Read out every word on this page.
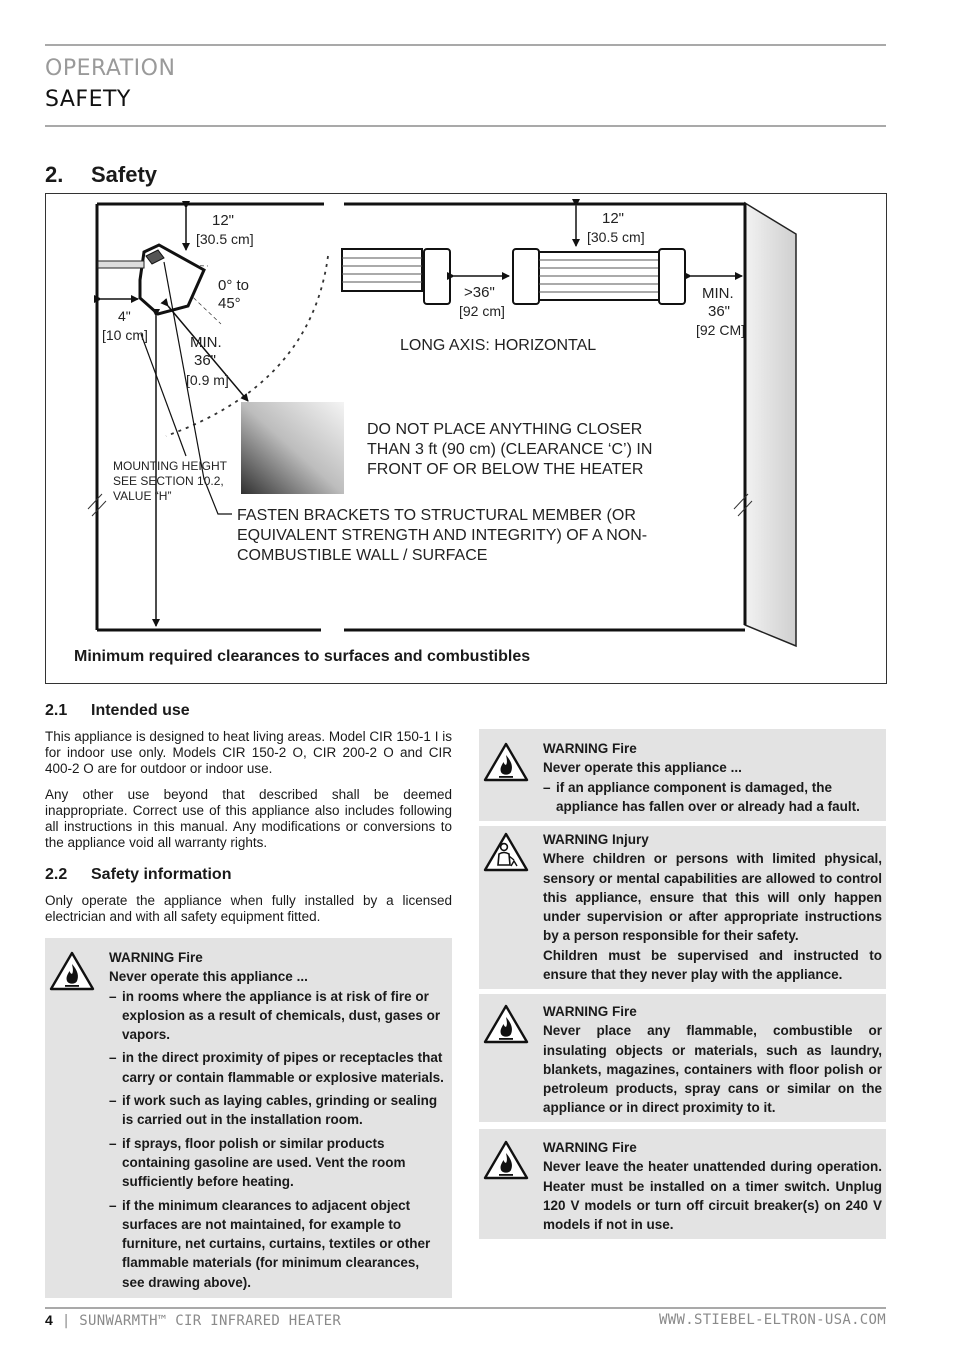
OPERATION
SAFETY
2. Safety
12"
[30.5 cm]
0° to
45°
4"
[10 cm]	MIN.
36"
[0.9 m]
12"
[30.5 cm]
>36"
[92 cm]
MIN.
36"
[92 CM]
LONG AXIS: HORIZONTAL
DO NOT PLACE ANYTHING CLOSER
THAN 3 ft (90 cm) (CLEARANCE ‘C’) IN
FRONT OF OR BELOW THE HEATER
MOUNTING HEIGHT
SEE SECTION 10.2,
VALUE “H”
FASTEN BRACKETS TO STRUCTURAL MEMBER (OR
EQUIVALENT STRENGTH AND INTEGRITY) OF A NON-
COMBUSTIBLE WALL / SURFACE
Minimum required clearances to surfaces and combustibles
2.1 Intended use
This appliance is designed to heat living areas. Model CIR 150-1 I is for indoor use only. Models CIR 150-2 O, CIR 200-2 O and CIR 400-2 O are for outdoor or indoor use.
Any other use beyond that described shall be deemed inappropriate. Correct use of this appliance also includes following all instructions in this manual. Any modifications or conversions to the appliance void all warranty rights.
2.2 Safety information
Only operate the appliance when fully installed by a licensed electrician and with all safety equipment fitted.
WARNING Fire
Never operate this appliance ...
– in rooms where the appliance is at risk of fire or explosion as a result of chemicals, dust, gases or vapors.
– in the direct proximity of pipes or receptacles that carry or contain flammable or explosive materials.
– if work such as laying cables, grinding or sealing is carried out in the installation room.
– if sprays, floor polish or similar products containing gasoline are used. Vent the room sufficiently before heating.
– if the minimum clearances to adjacent object surfaces are not maintained, for example to furniture, net curtains, curtains, textiles or other flammable materials (for minimum clearances, see drawing above).
WARNING Fire
Never operate this appliance ...
– if an appliance component is damaged, the appliance has fallen over or already had a fault.
WARNING Injury
Where children or persons with limited physical, sensory or mental capabilities are allowed to control this appliance, ensure that this will only happen under supervision or after appropriate instructions by a person responsible for their safety.
Children must be supervised and instructed to ensure that they never play with the appliance.
WARNING Fire
Never place any flammable, combustible or insulating objects or materials, such as laundry, blankets, magazines, containers with floor polish or petroleum products, spray cans or similar on the appliance or in direct proximity to it.
WARNING Fire
Never leave the heater unattended during operation. Heater must be installed on a timer switch. Unplug 120 V models or turn off circuit breaker(s) on 240 V models if not in use.
4 | SUNWARMTH™ CIR INFRARED HEATER	WWW.STIEBEL-ELTRON-USA.COM
